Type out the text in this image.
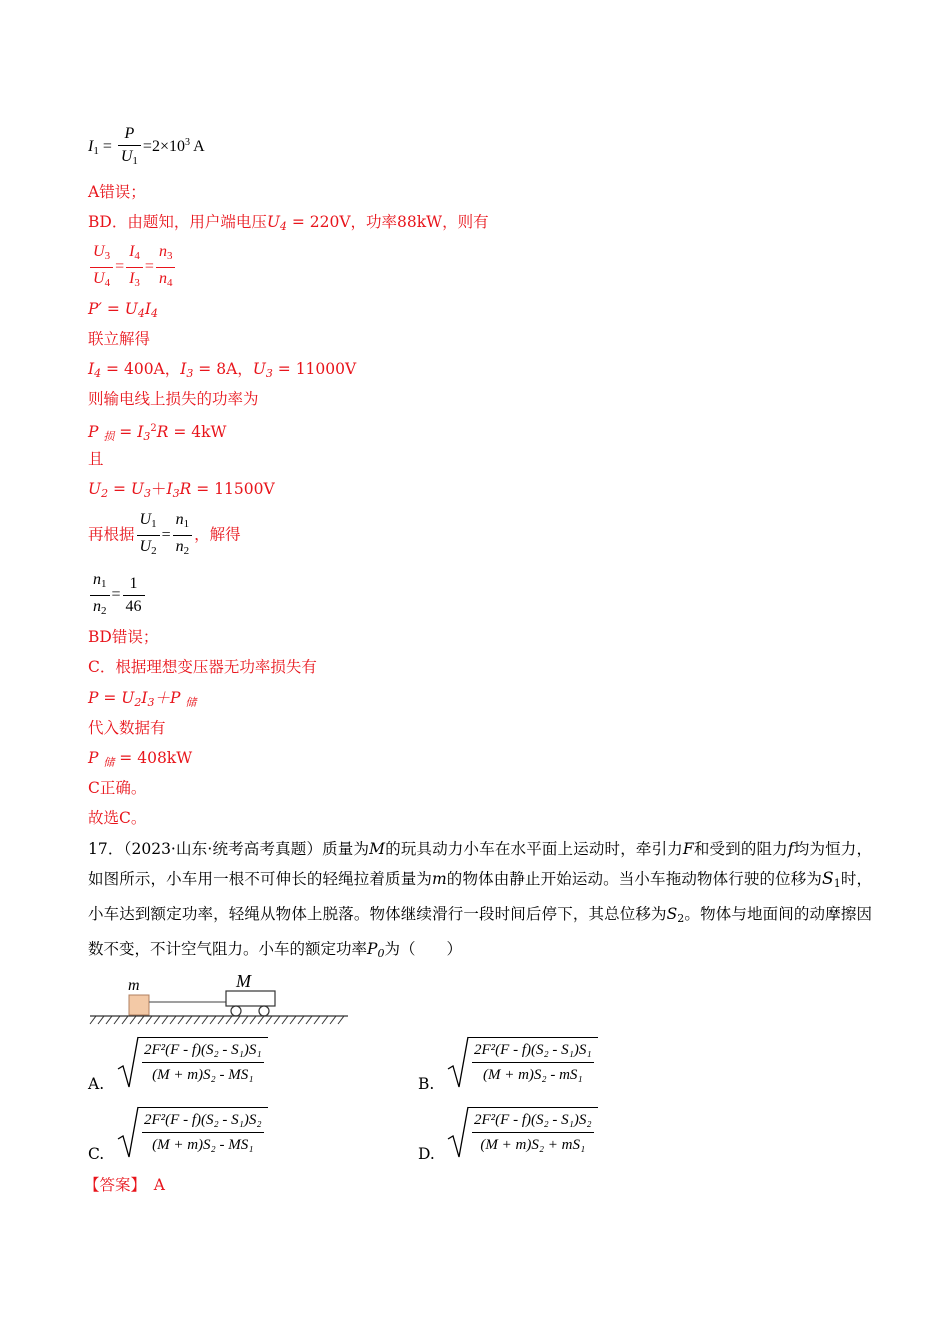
$I_1 = \frac{P}{U_1} =2\times 10^3$ A
A错误；
BD．由题知，用户端电压$U_4 = 220V$，功率88kW，则有
$\frac{U_3}{U_4} = \frac{I_4}{I_3} = \frac{n_3}{n_4}$
$P' = U_4I_4$
联立解得
$I_4 = 400A$，$I_3 = 8A$，$U_3 = 11000V$
则输电线上损失的功率为
P $_损 = I_3^2R = 4kW$
且
$U_2 = U_3+I_3R = 11500V$
再根据 $\frac{U_1}{U_2} = \frac{n_1}{n_2}$ ，解得
$\frac{n_1}{n_2} = \frac{1}{46}$
BD错误；
C．根据理想变压器无功率损失有
$P = U_2I_3+P$ $_储$
代入数据有
P $_储$ = 408kW
C正确。
故选C。
17．（2023·山东·统考高考真题）质量为M的玩具动力小车在水平面上运动时，牵引力F和受到的阻力f均为恒力，如图所示，小车用一根不可伸长的轻绳拉着质量为m的物体由静止开始运动。当小车拖动物体行驶的位移为$S_1$时，小车达到额定功率，轻绳从物体上脱落。物体继续滑行一段时间后停下，其总位移为$S_2$。物体与地面间的动摩擦因数不变，不计空气阻力。小车的额定功率$P_0$为（　　）
m	M
A. $\frac{\text{2F²(F - f)(S₂ - S₁)S₁}}{\text{(M + m)S₂ - MS₁}}$	B. $\frac{\text{2F²(F - f)(S₂ - S₁)S₁}}{\text{(M + m)S₂ - mS₁}}$
C. $\frac{\text{2F²(F - f)(S₂ - S₁)S₂}}{\text{(M + m)S₂ - MS₁}}$	D. $\frac{\text{2F²(F - f)(S₂ - S₁)S₂}}{\text{(M + m)S₂ + mS₁}}$
【答案】　 A
